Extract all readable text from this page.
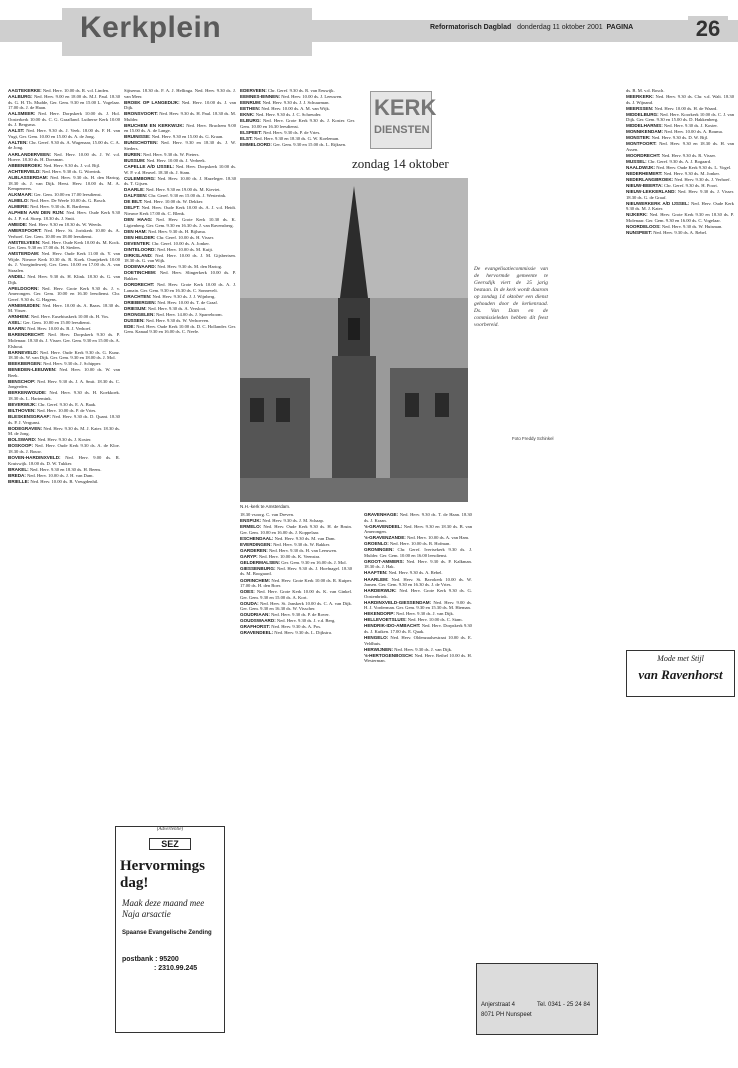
Kerkplein	Reformatorisch Dagblad donderdag 11 oktober 2001 PAGINA	26
AAGTEKERKE: Ned. Herv. 10.00 ds. R. v.d. Linden.
AALBURG: Ned. Herv. 9.00 en 18.00 ds. M.J. Paul. 18.30 ds. G. H. Th. Mudde, Ger. Gem. 9.30 en 15.00 L. Vogelaar. 17.00 ds. J. de Haan.
AALSMEER: Ned. Herv. Dorpskerk 10.00 ds. J. Hol. Oosterkerk 10.00 ds. C. G. Graafland. Lutherse Kerk 10.00 ds. J. Bergsma.
AALST: Ned. Herv. 9.30 ds. J. Veek. 18.00 ds. F. H. van Vugt, Ger. Gem. 10.00 en 15.00 ds. A. de Jong.
AALTEN: Chr. Geref. 9.30 ds. A. Wagenaar, 15.00 ds. C. A. de Jong.
AARLANDERVEEN: Ned. Herv. 10.00 ds. J. W. v.d. Hoeve. 18.30 ds. H. Dorsman.
ABBENBROEK: Ned. Herv. 9.30 ds. J. v.d. Bijl.
ACHTERVELD: Ned. Herv. 9.30 ds. G. Woerink.
ALBLASSERDAM: Ned. Herv. 9.30 ds. H. den Hartog, 18.30 ds. J. van Dijk. Herst. Herv. 10.00 ds. M. A. Kempeneers.
ALKMAAR: Ger. Gem. 10.00 en 17.00 leesdienst.
ALMELO: Ned. Herv. De Weele 10.00 ds. G. Bosch.
ALMERE: Ned. Herv. 9.30 ds. R. Bartlema.
ALPHEN AAN DEN RIJN: Ned. Herv. Oude Kerk 9.30 ds. J. P. v.d. Stoep. 18.30 ds. J. Smit.
AMEIDE: Ned. Herv. 9.30 en 18.30 ds. W. Weeda.
AMERSFOORT: Ned. Herv. St. Joriskerk 10.00 ds. A. Verhoef. Ger. Gem. 10.00 en 18.00 leesdienst.
AMSTELVEEN: Ned. Herv. Oude Kerk 10.00 ds. M. Kock. Ger. Gem. 9.30 en 17.00 ds. H. Sieders.
AMSTERDAM: Ned. Herv. Oude Kerk 11.00 ds. Y. van Wijde. Nieuwe Kerk 10.30 ds. R. Koek. Oranjekerk 10.00 ds. J. Vroegindeweij. Ger. Gem. 10.00 en 17.00 ds. A. van Straalen.
ANDEL: Ned. Herv. 9.30 ds. H. Klink. 18.30 ds. G. van Dijk.
APELDOORN: Ned. Herv. Grote Kerk 9.30 ds. J. v. Amerongen. Ger. Gem. 10.00 en 16.30 leesdienst. Chr. Geref. 9.30 ds. G. Hagens.
ARNEMUIDEN: Ned. Herv. 10.00 ds. A. Baars. 18.30 ds. M. Visser.
ARNHEM: Ned. Herv. Eusebiuskerk 10.00 ds. H. Vos.
AXEL: Ger. Gem. 10.00 en 15.00 leesdienst.
BAARN: Ned. Herv. 10.00 ds. B. J. Verhoef.
BARENDRECHT: Ned. Herv. Dorpskerk 9.30 ds. P. Molenaar. 18.30 ds. J. Visser. Ger. Gem. 9.30 en 15.00 ds. A. Elshout.
BARNEVELD: Ned. Herv. Oude Kerk 9.30 ds. G. Kunz. 18.30 ds. W. van Dijk. Ger. Gem. 9.30 en 18.00 ds. J. Mol.
BEEKBERGEN: Ned. Herv. 9.30 ds. J. Schipper.
BENEDEN-LEEUWEN: Ned. Herv. 10.00 ds. W. van Beek.
BENSCHOP: Ned. Herv. 9.30 ds. J. A. Smit. 18.30 ds. C. Jongerden.
BERKENWOUDE: Ned. Herv. 9.30 ds. H. Koekkoek. 18.30 ds. L. Hartemink.
BEVERWIJK: Chr. Geref. 9.30 ds. E. A. Baak.
BILTHOVEN: Ned. Herv. 10.00 ds. P. de Vries.
BLESKENSGRAAF: Ned. Herv. 9.30 ds. D. Quant. 18.30 ds. P. J. Vergunst.
BODEGRAVEN: Ned. Herv. 9.30 ds. M. J. Kater. 18.30 ds. M. de Jong.
BOLSWARD: Ned. Herv. 9.30 ds. J. Koster.
BOSKOOP: Ned. Herv. Oude Kerk 9.30 ds. A. de Kloe. 18.30 ds. J. Bouw.
BOVEN-HARDINXVELD: Ned. Herv. 9.00 ds. R. Kruiswijk. 18.00 ds. D. W. Tukker.
BRAKEL: Ned. Herv. 9.30 en 18.30 ds. H. Beens.
BREDA: Ned. Herv. 10.00 ds. J. H. van Dam.
BRIELLE: Ned. Herv. 10.00 ds. B. Vreugdenhil.
Sijtsema. 18.30 ds. F. A. J. Hellinga. Ned. Herv. 9.30 ds. J. van Meer.
BROEK OP LANGEDIJK: Ned. Herv. 10.00 ds. J. van Dijk.
BRONSVOORT: Ned. Herv. 9.30 ds. H. Paul. 18.30 ds. M. Mulder.
BRUCHEM EN KERKWIJK: Ned. Herv. Bruchem 9.00 en 15.00 ds. A. de Lange.
BRUINISSE: Ned. Herv. 9.30 en 15.00 ds. G. Kraan.
BUNSCHOTEN: Ned. Herv. 9.30 en 18.30 ds. J. W. Sieders.
BUREN: Ned. Herv. 9.30 ds. W. Pieters.
BUSSUM: Ned. Herv. 10.00 ds. J. Verbeek.
CAPELLE A/D IJSSEL: Ned. Herv. Dorpskerk 10.00 ds. W. P. v.d. Heuvel. 18.30 ds. J. Stam.
CULEMBORG: Ned. Herv. 10.00 ds. J. Hazeleger. 18.30 ds. T. Gijsen.
DAARLE: Ned. Herv. 9.30 en 19.00 ds. M. Kieviet.
DALFSEN: Chr. Geref. 9.30 en 15.00 ds. J. Westerink.
DE BILT: Ned. Herv. 10.00 ds. W. Dekker.
DELFT: Ned. Herv. Oude Kerk 10.00 ds. A. J. v.d. Heidt. Nieuwe Kerk 17.00 ds. C. Blenk.
DEN HAAG: Ned. Herv. Grote Kerk 10.30 ds. K. Ligtenberg. Ger. Gem. 9.30 en 16.30 ds. J. van Ravensberg.
DEN HAM: Ned. Herv. 9.30 ds. H. Bijlsma.
DEN HELDER: Chr. Geref. 10.00 ds. H. Visser.
DEVENTER: Chr. Geref. 10.00 ds. A. Jonker.
DINTELOORD: Ned. Herv. 10.00 ds. M. Kuijt.
DIRKSLAND: Ned. Herv. 10.00 ds. J. M. Gijsbertsen. 18.30 ds. G. van Wijk.
DODEWAARD: Ned. Herv. 9.30 ds. M. den Hartog.
DOETINCHEM: Ned. Herv. Slingerkerk 10.00 ds. P. Bakker.
DORDRECHT: Ned. Herv. Grote Kerk 10.00 ds. A. J. Lamain. Ger. Gem. 9.30 en 16.30 ds. C. Sonnevelt.
DRACHTEN: Ned. Herv. 9.30 ds. J. J. Wijnberg.
DRIEBERGEN: Ned. Herv. 10.00 ds. T. de Graaf.
DRIESUM: Ned. Herv. 9.30 ds. A. Versloot.
DRONGELEN: Ned. Herv. 14.00 ds. J. Sparreboom.
DUSSEN: Ned. Herv. 9.30 ds. W. Verhoeven.
EDE: Ned. Herv. Oude Kerk 10.00 ds. D. C. Hollander. Ger. Gem. Kanaal 9.30 en 16.00 ds. C. Neele.
EDERVEEN: Chr. Geref. 9.30 ds. R. van Eeuwijk.
EEMNES-BINNEN: Ned. Herv. 10.00 ds. J. Leeuwen.
EENRUM: Ned. Herv. 9.30 ds. J. J. Schuurman.
EETHEN: Ned. Herv. 10.00 ds. A. M. van Wijk.
EKNK: Ned. Herv. 9.30 ds. J. C. Schreuder.
ELBURG: Ned. Herv. Grote Kerk 9.30 ds. J. Koster. Ger. Gem. 10.00 en 16.30 leesdienst.
ELSPEET: Ned. Herv. 9.30 ds. P. de Vries.
ELST: Ned. Herv. 9.30 en 18.30 ds. G. W. Koeleman.
EMMELOORD: Ger. Gem. 9.30 en 15.00 ds. L. Rijksen.
18.30 vsoorg. C. van Dreven.
ENSPIJK: Ned. Herv. 9.30 ds. J. M. Schaap.
ERMELO: Ned. Herv. Oude Kerk 9.30 ds. H. de Bruin. Ger. Gem. 10.00 en 16.00 ds. J. Koppelaar.
ESCHENDAAL: Ned. Herv. 9.30 ds. M. van Dam.
EVERDINGEN: Ned. Herv. 9.30 ds. W. Bakker.
GARDEREN: Ned. Herv. 9.30 ds. H. van Leeuwen.
GARYP: Ned. Herv. 10.00 ds. K. Veenstra.
GELDERMALSEN: Ger. Gem. 9.30 en 16.00 ds. J. Mol.
GIESSENBURG: Ned. Herv. 9.30 ds. J. Hoefnagel. 18.30 ds. M. Boogaard.
GORINCHEM: Ned. Herv. Grote Kerk 10.00 ds. R. Kuiper. 17.00 ds. H. den Boer.
GOES: Ned. Herv. Grote Kerk 10.00 ds. K. van Ginkel. Ger. Gem. 9.30 en 15.00 ds. A. Kort.
GOUDA: Ned. Herv. St. Janskerk 10.00 ds. C. A. van Dijk. Ger. Gem. 9.30 en 16.30 ds. W. Visscher.
GOUDRIAAN: Ned. Herv. 9.30 ds. P. de Rover.
GOUDSWAARD: Ned. Herv. 9.30 ds. J. v.d. Berg.
GRAFHORST: Ned. Herv. 9.30 ds. A. Pos.
GRAVENDEEL: Ned. Herv. 9.30 ds. L. Dijkstra.
GRAVENHAGE: Ned. Herv. 9.30 ds. T. de Haan. 18.30 ds. J. Kraan.
's-GRAVENDEEL: Ned. Herv. 9.30 en 18.30 ds. B. van Amerongen.
's-GRAVENZANDE: Ned. Herv. 10.00 ds. A. van Ham.
GROENLO: Ned. Herv. 10.00 ds. B. Hofman.
GRONINGEN: Chr. Geref. Ivertsekerk 9.30 ds. J. Mulder. Ger. Gem. 10.00 en 16.00 leesdienst.
GROOT-AMMERS: Ned. Herv. 9.30 ds. P. Kalkman. 18.30 ds. J. Hak.
HAAFTEN: Ned. Herv. 9.30 ds. A. Rebel.
HAARLEM: Ned. Herv. St. Bavokerk 10.00 ds. W. Jansen. Ger. Gem. 9.30 en 16.30 ds. J. de Vries.
HARDERWIJK: Ned. Herv. Grote Kerk 9.30 ds. G. Oostenbrink.
HARDINXVELD-GIESSENDAM: Ned. Herv. 9.00 ds. H. J. Vorderman. Ger. Gem. 9.30 en 15.30 ds. M. Hieman.
HEKENDORP: Ned. Herv. 9.30 ds. J. van Dijk.
HELLEVOETSLUIS: Ned. Herv. 10.00 ds. C. Stam.
HENDRIK-IDO-AMBACHT: Ned. Herv. Dorpskerk 9.30 ds. J. Kuiken. 17.00 ds. E. Quak.
HENGELO: Ned. Herv. Oldenzaalsestraat 10.00 ds. E. Veldhuis.
HERWIJNEN: Ned. Herv. 9.30 ds. J. van Dijk.
's-HERTOGENBOSCH: Ned. Herv. Bethel 10.00 ds. H. Westerman.
ds. B. M. v.d. Bosch.
MEERKERK: Ned. Herv. 9.30 ds. Chr. v.d. Walt. 18.30 ds. J. Wijnand.
MEERSSEN: Ned. Herv. 10.00 ds. H. de Waard.
MIDDELBURG: Ned. Herv. Koorkerk 10.00 ds. C. J. van Dijk. Ger. Gem. 9.30 en 15.00 ds. D. Hakkenberg.
MIDDELHARNIS: Ned. Herv. 9.30 ds. J. Koster.
MONNIKENDAM: Ned. Herv. 10.00 ds. A. Bouma.
MONSTER: Ned. Herv. 9.30 ds. D. W. Bijl.
MONTFOORT: Ned. Herv. 9.30 en 18.30 ds. H. van Assen.
MOORDRECHT: Ned. Herv. 9.30 ds. R. Visser.
MUSSEL: Chr. Geref. 9.30 ds. A. J. Bogaard.
NAALDWIJK: Ned. Herv. Oude Kerk 9.30 ds. L. Vogel.
NEDERHEMERT: Ned. Herv. 9.30 ds. M. Jonker.
NEDERLANGBROEK: Ned. Herv. 9.30 ds. J. Verhoef.
NIEUW-BEERTA: Chr. Geref. 9.30 ds. H. Poort.
NIEUW-LEKKERLAND: Ned. Herv. 9.30 ds. J. Visser. 18.30 ds. G. de Graaf.
NIEUWERKERK A/D IJSSEL: Ned. Herv. Oude Kerk 9.30 ds. M. J. Kater.
NIJKERK: Ned. Herv. Grote Kerk 9.30 en 18.30 ds. P. Molenaar. Ger. Gem. 9.30 en 16.00 ds. C. Vogelaar.
NOORDELOOS: Ned. Herv. 9.30 ds. W. Huisman.
NUNSPEET: Ned. Herv. 9.30 ds. A. Rebel.
KERK
DIENSTEN
zondag 14 oktober
N.H.-kerk te Amsterdam.
De evangelisatiecommissie van de hervormde gemeente te Geersdijk viert de 25 jarig bestaan. In de kerk wordt daarom op zondag 14 oktober een dienst gehouden door de kerkenraad. Ds. Van Dam en de commissieleden hebben dit feest voorbereid.
Foto Freddy Schinkel
(Advertentie)
SEZ
Hervormings dag!
Maak deze maand mee Naja arsactie
Spaanse Evangelische Zending
postbank : 95200
: 2310.99.245
Mode met Stijl
van Ravenhorst
Anjerstraat 4
8071 PH Nunspeet
Tel. 0341 - 25 24 84
